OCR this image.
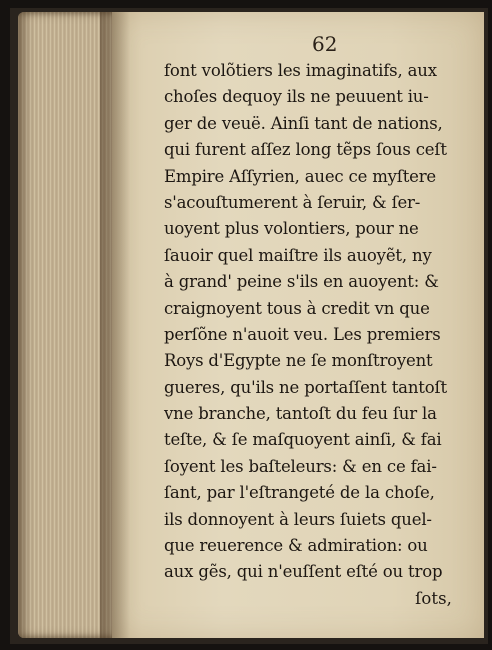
62
font volõtiers les imaginatifs, aux
choſes dequoy ils ne peuuent iu-
ger de veuë. Ainſi tant de nations,
qui furent aſſez long tẽps ſous ceſt
Empire Aſſyrien, auec ce myſtere
s'acouſtumerent à ſeruir, & ſer-
uoyent plus volontiers, pour ne
ſauoir quel maiſtre ils auoyẽt, ny
à grand' peine s'ils en auoyent: &
craignoyent tous à credit vn que
perſõne n'auoit veu. Les premiers
Roys d'Egypte ne ſe monſtroyent
gueres, qu'ils ne portaſſent tantoſt
vne branche, tantoſt du feu ſur la
teſte, & ſe maſquoyent ainſi, & fai
ſoyent les baſteleurs: & en ce fai-
ſant, par l'eſtrangeté de la choſe,
ils donnoyent à leurs ſuiets quel-
que reuerence & admiration: ou
aux gẽs, qui n'euſſent eſté ou trop
ſots,
